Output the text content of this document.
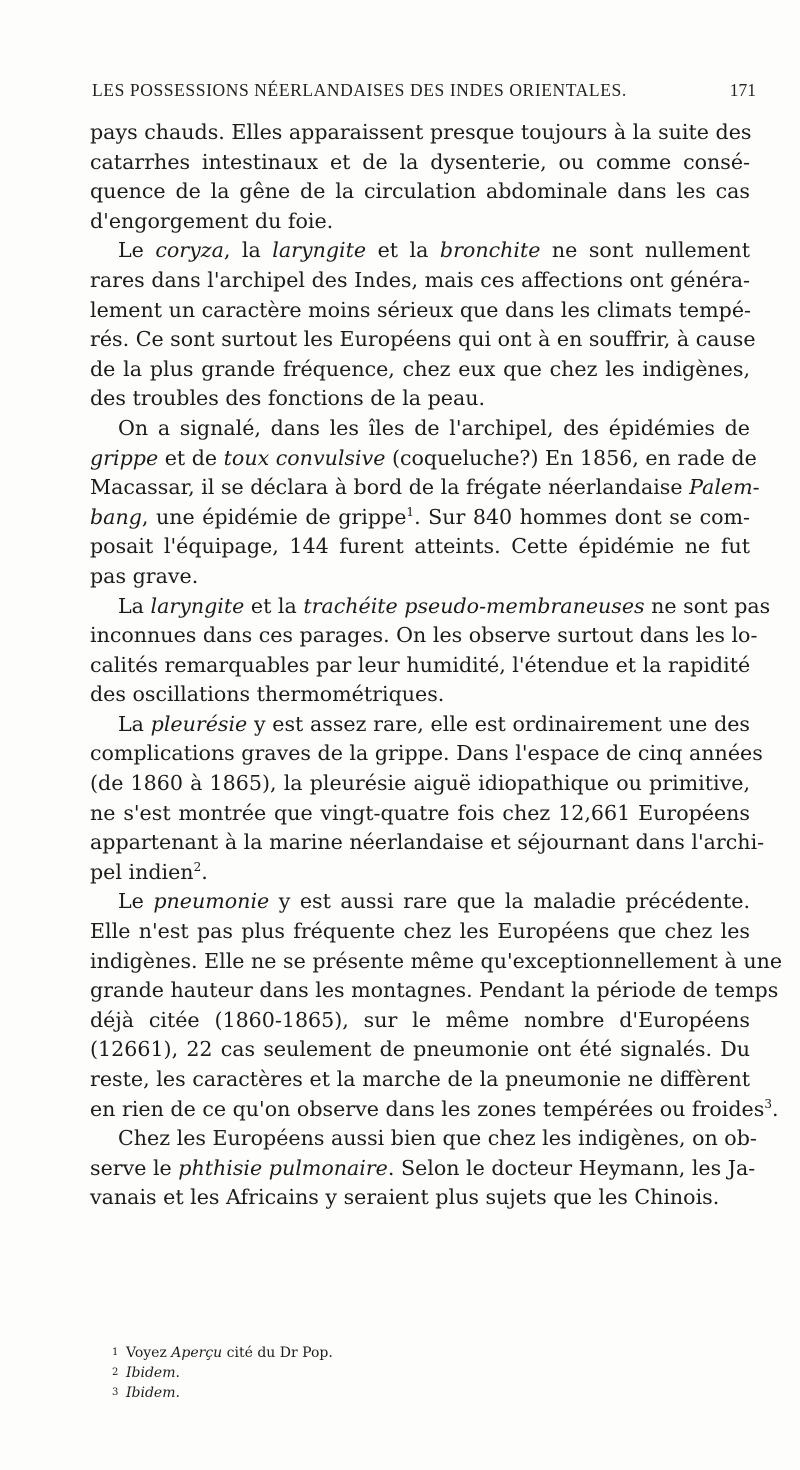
LES POSSESSIONS NÉERLANDAISES DES INDES ORIENTALES.	171
pays chauds. Elles apparaissent presque toujours à la suite des
catarrhes intestinaux et de la dysenterie, ou comme consé-
quence de la gêne de la circulation abdominale dans les cas
d'engorgement du foie.
Le coryza, la laryngite et la bronchite ne sont nullement
rares dans l'archipel des Indes, mais ces affections ont généra-
lement un caractère moins sérieux que dans les climats tempé-
rés. Ce sont surtout les Européens qui ont à en souffrir, à cause
de la plus grande fréquence, chez eux que chez les indigènes,
des troubles des fonctions de la peau.
On a signalé, dans les îles de l'archipel, des épidémies de
grippe et de toux convulsive (coqueluche?) En 1856, en rade de
Macassar, il se déclara à bord de la frégate néerlandaise Palem-
bang, une épidémie de grippe$^1$. Sur 840 hommes dont se com-
posait l'équipage, 144 furent atteints. Cette épidémie ne fut
pas grave.
La laryngite et la trachéite pseudo-membraneuses ne sont pas
inconnues dans ces parages. On les observe surtout dans les lo-
calités remarquables par leur humidité, l'étendue et la rapidité
des oscillations thermométriques.
La pleurésie y est assez rare, elle est ordinairement une des
complications graves de la grippe. Dans l'espace de cinq années
(de 1860 à 1865), la pleurésie aiguë idiopathique ou primitive,
ne s'est montrée que vingt-quatre fois chez 12,661 Européens
appartenant à la marine néerlandaise et séjournant dans l'archi-
pel indien$^2$.
Le pneumonie y est aussi rare que la maladie précédente.
Elle n'est pas plus fréquente chez les Européens que chez les
indigènes. Elle ne se présente même qu'exceptionnellement à une
grande hauteur dans les montagnes. Pendant la période de temps
déjà citée (1860-1865), sur le même nombre d'Européens
(12661), 22 cas seulement de pneumonie ont été signalés. Du
reste, les caractères et la marche de la pneumonie ne diffèrent
en rien de ce qu'on observe dans les zones tempérées ou froides$^3$.
Chez les Européens aussi bien que chez les indigènes, on ob-
serve le phthisie pulmonaire. Selon le docteur Heymann, les Ja-
vanais et les Africains y seraient plus sujets que les Chinois.
1 Voyez Aperçu cité du Dr Pop.
2 Ibidem.
3 Ibidem.
